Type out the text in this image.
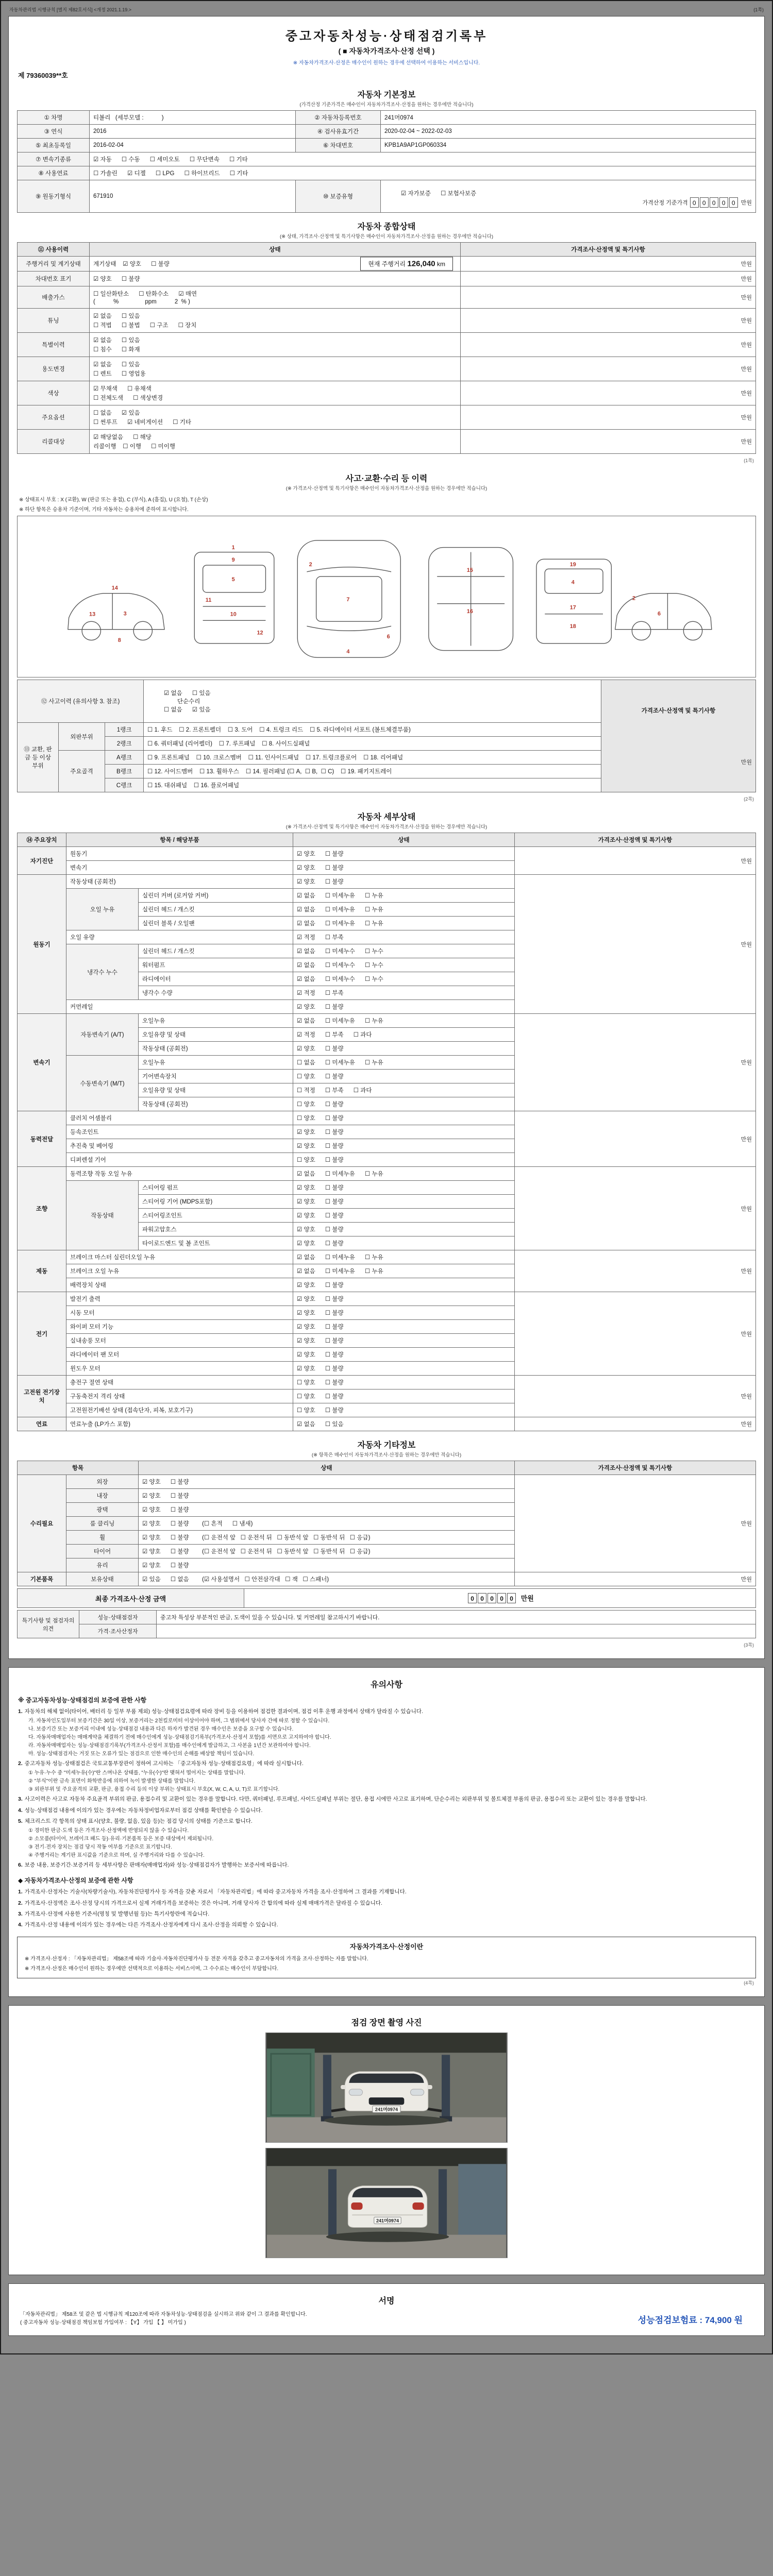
자동차관리법 시행규칙 [별지 제82호서식] <개정 2021.1.19.>	(1쪽)
중고자동차성능·상태점검기록부
( ■ 자동차가격조사·산정 선택 )
※ 자동차가격조사·산정은 매수인이 원하는 경우에 선택하여 이용하는 서비스입니다.
제 79360039**호
자동차 기본정보
(가격산정 기준가격은 매수인이 자동차가격조사·산정을 원하는 경우에만 적습니다)
① 차명	티볼리   (세부모델 :           )	② 자동차등록번호	241머0974
③ 연식	2016	④ 검사유효기간	2020-02-04 ~ 2022-02-03
⑤ 최초등록일	2016-02-04	⑥ 차대번호	KPB1A9AP1GP060334
⑦ 변속기종류	☑ 자동      ☐ 수동      ☐ 세미오토      ☐ 무단변속      ☐ 기타		
⑧ 사용연료	☐ 가솔린      ☑ 디젤      ☐ LPG      ☐ 하이브리드      ☐ 기타		
⑨ 원동기형식	671910	⑩ 보증유형	☑ 자가보증      ☐ 보험사보증

가격산정 기준가격 0 0 0 0 0 만원

자동차 종합상태
(※ 상태, 가격조사·산정액 및 특기사항은 매수인이 자동차가격조사·산정을 원하는 경우에만 적습니다)
⑪ 사용이력	상태	가격조사·산정액 및 특기사항
주행거리 및 계기상태	계기상태    ☑ 양호      ☐ 불량 현재 주행거리 126,040 km	만원

차대번호 표기	☑ 양호      ☐ 불량	만원

배출가스	☐ 일산화탄소      ☐ 탄화수소      ☑ 매연
(           %                ppm           2  % )	만원

튜닝	☑ 없음      ☐ 있음
☐ 적법      ☐ 불법      ☐ 구조      ☐ 장치	만원

특별이력	☑ 없음      ☐ 있음
☐ 침수      ☐ 화재	만원

용도변경	☑ 없음      ☐ 있음
☐ 렌트      ☐ 영업용	만원

색상	☑ 무채색      ☐ 유채색
☐ 전체도색      ☐ 색상변경	만원

주요옵션	☐ 없음      ☑ 있음
☐ 썬루프      ☑ 네비게이션      ☐ 기타	만원

리콜대상	☑ 해당없음      ☐ 해당
리콜이행    ☐ 이행      ☐ 미이행	만원
(1쪽)
사고·교환·수리 등 이력
(※ 가격조사·산정액 및 특기사항은 매수인이 자동차가격조사·산정을 원하는 경우에만 적습니다)
※ 상태표시 부호 : X (교환), W (판금 또는 용접), C (부식), A (흠집), U (요철), T (손상)
※ 하단 항목은 승용차 기준이며, 기타 자동차는 승용차에 준하여 표시합니다.
14
3
13
8
1
9
5
11
10
12
2
7
6
4
15
16
19
4
17
18
6
2
⑫ 사고이력 (유의사항 3. 참조)	
☑ 없음      ☐ 있음
단순수리
☐ 없음      ☑ 있음	가격조사·산정액 및 특기사항
만원

⑬ 교환, 판금 등 이상 부위	외판부위	1랭크	☐ 1. 후드    ☐ 2. 프론트펠더    ☐ 3. 도어    ☐ 4. 트렁크 리드    ☐ 5. 라디에이터 서포트 (볼트체결부품)	
		2랭크	☐ 6. 쿼터패널 (리어펠더)    ☐ 7. 루프패널    ☐ 8. 사이드실패널	
	주요골격	A랭크	☐ 9. 프론트패널    ☐ 10. 크로스멤버    ☐ 11. 인사이드패널    ☐ 17. 트렁크플로어    ☐ 18. 리어패널	
		B랭크	☐ 12. 사이드멤버    ☐ 13. 휠하우스    ☐ 14. 필러패널 (☐ A,  ☐ B,  ☐ C)    ☐ 19. 패키지트레이	
		C랭크	☐ 15. 대쉬패널    ☐ 16. 플로어패널	
(2쪽)
자동차 세부상태
(※ 가격조사·산정액 및 특기사항은 매수인이 자동차가격조사·산정을 원하는 경우에만 적습니다)
⑭ 주요장치	항목 / 해당부품		상태	가격조사·산정액 및 특기사항
자기진단	원동기		☑ 양호      ☐ 불량	만원

	변속기		☑ 양호      ☐ 불량	
원동기	작동상태 (공회전)		☑ 양호      ☐ 불량	만원

	오일 누유	실린더 커버 (로커암 커버)	☑ 없음      ☐ 미세누유      ☐ 누유	
		실린더 헤드 / 개스킷	☑ 없음      ☐ 미세누유      ☐ 누유	
		실린더 블록 / 오일팬	☑ 없음      ☐ 미세누유      ☐ 누유	
	오일 유량		☑ 적정      ☐ 부족	
	냉각수 누수	실린더 헤드 / 개스킷	☑ 없음      ☐ 미세누수      ☐ 누수	
		워터펌프	☑ 없음      ☐ 미세누수      ☐ 누수	
		라디에이터	☑ 없음      ☐ 미세누수      ☐ 누수	
		냉각수 수량	☑ 적정      ☐ 부족	
	커먼레일		☑ 양호      ☐ 불량	
변속기	자동변속기 (A/T)	오일누유	☑ 없음      ☐ 미세누유      ☐ 누유	만원

		오일유량 및 상태	☑ 적정      ☐ 부족      ☐ 과다	
		작동상태 (공회전)	☑ 양호      ☐ 불량	
	수동변속기 (M/T)	오일누유	☐ 없음      ☐ 미세누유      ☐ 누유	
		기어변속장치	☐ 양호      ☐ 불량	
		오일유량 및 상태	☐ 적정      ☐ 부족      ☐ 과다	
		작동상태 (공회전)	☐ 양호      ☐ 불량	
동력전달	클러치 어셈블리		☐ 양호      ☐ 불량	만원

	등속조인트		☑ 양호      ☐ 불량	
	추진축 및 베어링		☑ 양호      ☐ 불량	
	디퍼렌셜 기어		☐ 양호      ☐ 불량	
조향	동력조향 작동 오일 누유		☑ 없음      ☐ 미세누유      ☐ 누유	만원

	작동상태	스티어링 펌프	☑ 양호      ☐ 불량	
		스티어링 기어 (MDPS포함)	☑ 양호      ☐ 불량	
		스티어링조인트	☑ 양호      ☐ 불량	
		파워고압호스	☑ 양호      ☐ 불량	
		타이로드엔드 및 볼 조인트	☑ 양호      ☐ 불량	
제동	브레이크 마스터 실린더오일 누유		☑ 없음      ☐ 미세누유      ☐ 누유	만원

	브레이크 오일 누유		☑ 없음      ☐ 미세누유      ☐ 누유	
	배력장치 상태		☑ 양호      ☐ 불량	
전기	발전기 출력		☑ 양호      ☐ 불량	만원

	시동 모터		☑ 양호      ☐ 불량	
	와이퍼 모터 기능		☑ 양호      ☐ 불량	
	실내송풍 모터		☑ 양호      ☐ 불량	
	라디에이터 팬 모터		☑ 양호      ☐ 불량	
	윈도우 모터		☑ 양호      ☐ 불량	
고전원 전기장치	충전구 절연 상태		☐ 양호      ☐ 불량	만원

	구동축전지 격리 상태		☐ 양호      ☐ 불량	
	고전원전기배선 상태 (접속단자, 피복, 보호기구)		☐ 양호      ☐ 불량	
연료	연료누출 (LP가스 포함)		☑ 없음      ☐ 있음	만원
자동차 기타정보
(※ 항목은 매수인이 자동차가격조사·산정을 원하는 경우에만 적습니다)
항목		상태	가격조사·산정액 및 특기사항
수리필요	외장	☑ 양호      ☐ 불량	만원

	내장	☑ 양호      ☐ 불량	
	광택	☑ 양호      ☐ 불량	
	룸 클리닝	☑ 양호      ☐ 불량        (☐ 흔적      ☐ 냄새)	
	휠	☑ 양호      ☐ 불량        (☐ 운전석 앞   ☐ 운전석 뒤   ☐ 동반석 앞   ☐ 동반석 뒤   ☐ 응급)	
	타이어	☑ 양호      ☐ 불량        (☐ 운전석 앞   ☐ 운전석 뒤   ☐ 동반석 앞   ☐ 동반석 뒤   ☐ 응급)	
	유리	☑ 양호      ☐ 불량	
기본품목	보유상태	☑ 있음      ☐ 없음        (☑ 사용설명서   ☐ 안전삼각대   ☐ 잭   ☐ 스패너)	만원
최종 가격조사·산정 금액	0 0 0 0 0 만원
특기사항 및 점검자의 의견	성능·상태점검자	중고차 특성상 부분적인 판금, 도색이 있을 수 있습니다. 및 커먼레일 참고하시기 바랍니다.
	가격·조사산정자	
(3쪽)
유의사항
※ 중고자동차성능·상태점검의 보증에 관한 사항
1. 자동차의 해체 없이(타이어, 배터리 등 일부 부품 제외) 성능·상태점검요령에 따라 장비 등을 이용하여 점검한 결과이며, 점검 이후 운행 과정에서 상태가 달라질 수 있습니다.
가. 자동차인도일부터 보증기간은 30일 이상, 보증거리는 2천킬로미터 이상이어야 하며, 그 범위에서 당사자 간에 따로 정할 수 있습니다.
나. 보증기간 또는 보증거리 이내에 성능·상태점검 내용과 다른 하자가 발견된 경우 매수인은 보증을 요구할 수 있습니다.
다. 자동차매매업자는 매매계약을 체결하기 전에 매수인에게 성능·상태점검기록부(가격조사·산정서 포함)를 서면으로 고지하여야 합니다.
라. 자동차매매업자는 성능·상태점검기록부(가격조사·산정서 포함)를 매수인에게 발급하고, 그 사본을 1년간 보관하여야 합니다.
마. 성능·상태점검자는 거짓 또는 오류가 있는 점검으로 인한 매수인의 손해를 배상할 책임이 있습니다.
2. 중고자동차 성능·상태점검은 국토교통부장관이 정하여 고시하는 「중고자동차 성능·상태점검요령」에 따라 실시합니다.
① 누유·누수 중 "미세누유(수)"란 스며나온 상태를, "누유(수)"란 맺혀서 떨어지는 상태를 말합니다.
② "부식"이란 금속 표면이 화학반응에 의하여 녹이 발생한 상태를 말합니다.
③ 외판부위 및 주요골격의 교환, 판금, 용접 수리 등의 이상 부위는 상태표시 부호(X, W, C, A, U, T)로 표기합니다.
3. 사고이력은 사고로 자동차 주요골격 부위의 판금, 용접수리 및 교환이 있는 경우를 말합니다. 다만, 쿼터패널, 루프패널, 사이드실패널 부위는 절단, 용접 시에만 사고로 표기하며, 단순수리는 외판부위 및 볼트체결 부품의 판금, 용접수리 또는 교환이 있는 경우를 말합니다.
4. 성능·상태점검 내용에 이의가 있는 경우에는 자동차정비업자로부터 점검 상태를 확인받을 수 있습니다.
5. 체크리스트 각 항목의 상태 표시(양호, 불량, 없음, 있음 등)는 점검 당시의 상태를 기준으로 합니다.
① 경미한 판금·도색 등은 가격조사·산정액에 반영되지 않을 수 있습니다.
② 소모품(타이어, 브레이크 패드 등)·유리·기본품목 등은 보증 대상에서 제외됩니다.
③ 전기·전자 장치는 점검 당시 작동 여부를 기준으로 표기합니다.
④ 주행거리는 계기판 표시값을 기준으로 하며, 실 주행거리와 다를 수 있습니다.
6. 보증 내용, 보증기간·보증거리 등 세부사항은 판매자(매매업자)와 성능·상태점검자가 발행하는 보증서에 따릅니다.
◆ 자동차가격조사·산정의 보증에 관한 사항
1. 가격조사·산정자는 기술사(차량기술사), 자동차진단평가사 등 자격을 갖춘 자로서 「자동차관리법」에 따라 중고자동차 가격을 조사·산정하여 그 결과를 기재합니다.
2. 가격조사·산정액은 조사·산정 당시의 가격으로서 실제 거래가격을 보증하는 것은 아니며, 거래 당사자 간 합의에 따라 실제 매매가격은 달라질 수 있습니다.
3. 가격조사·산정에 사용한 기준서(명칭 및 발행년월 등)는 특기사항란에 적습니다.
4. 가격조사·산정 내용에 이의가 있는 경우에는 다른 가격조사·산정자에게 다시 조사·산정을 의뢰할 수 있습니다.
자동차가격조사·산정이란
※ 가격조사·산정자 : 「자동차관리법」 제58조에 따라 기술사·자동차진단평가사 등 전문 자격을 갖추고 중고자동차의 가격을 조사·산정하는 자를 말합니다.
※ 가격조사·산정은 매수인이 원하는 경우에만 선택적으로 이용하는 서비스이며, 그 수수료는 매수인이 부담합니다.
(4쪽)
점검 장면 촬영 사진
241머0974
241머0974
서명
「자동차관리법」 제58조 및 같은 법 시행규칙 제120조에 따라 자동차성능·상태점검을 실시하고 위와 같이 그 결과를 확인합니다.
( 중고자동차 성능·상태점검 책임보험 가입여부 : 【Y】 가입 【 】 미가입 )	성능점검보험료 : 74,900 원
